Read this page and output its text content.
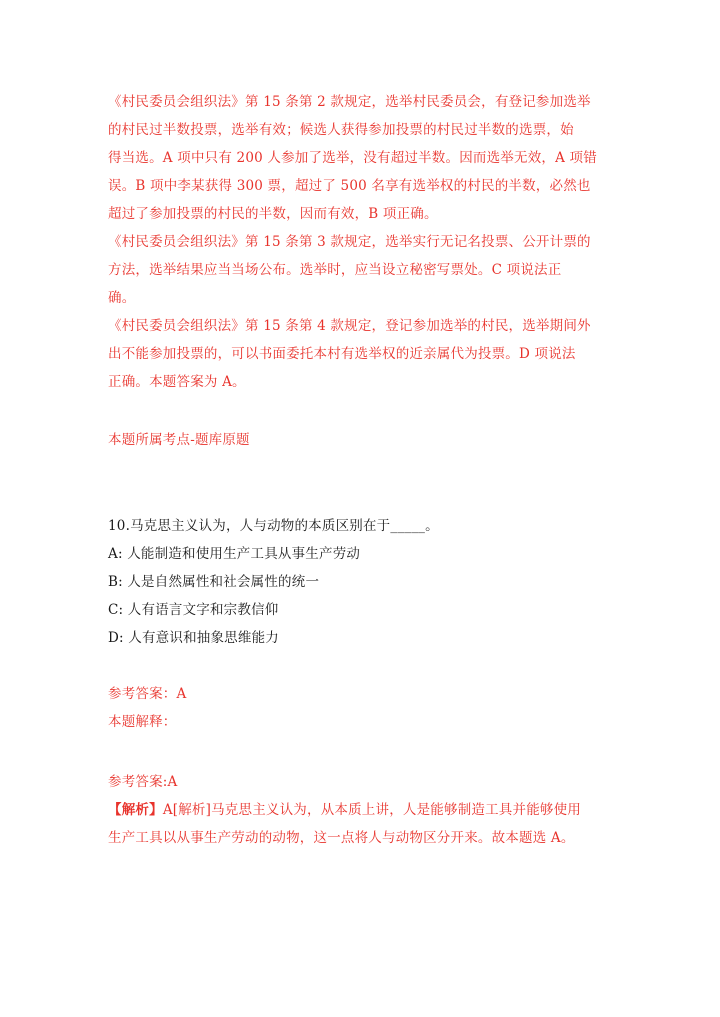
《村民委员会组织法》第 15 条第 2 款规定，选举村民委员会，有登记参加选举
的村民过半数投票，选举有效；候选人获得参加投票的村民过半数的选票，始
得当选。A 项中只有 200 人参加了选举，没有超过半数。因而选举无效，A 项错
误。B 项中李某获得 300 票，超过了 500 名享有选举权的村民的半数，必然也
超过了参加投票的村民的半数，因而有效，B 项正确。
《村民委员会组织法》第 15 条第 3 款规定，选举实行无记名投票、公开计票的
方法，选举结果应当当场公布。选举时，应当设立秘密写票处。C 项说法正
确。
《村民委员会组织法》第 15 条第 4 款规定，登记参加选举的村民，选举期间外
出不能参加投票的，可以书面委托本村有选举权的近亲属代为投票。D 项说法
正确。本题答案为 A。
本题所属考点-题库原题
10.马克思主义认为，人与动物的本质区别在于_____。
A: 人能制造和使用生产工具从事生产劳动
B: 人是自然属性和社会属性的统一
C: 人有语言文字和宗教信仰
D: 人有意识和抽象思维能力
参考答案：A
本题解释：
参考答案:A
【解析】A[解析]马克思主义认为，从本质上讲，人是能够制造工具并能够使用
生产工具以从事生产劳动的动物，这一点将人与动物区分开来。故本题选 A。
